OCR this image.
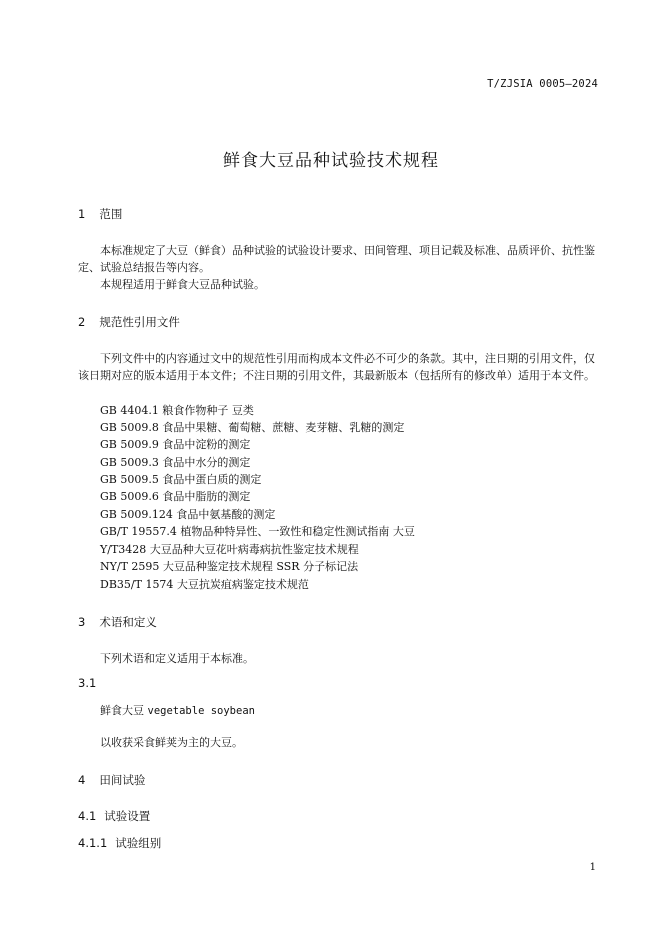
T/ZJSIA 0005—2024
鲜食大豆品种试验技术规程
1 范围
本标准规定了大豆（鲜食）品种试验的试验设计要求、田间管理、项目记载及标准、品质评价、抗性鉴定、试验总结报告等内容。
本规程适用于鲜食大豆品种试验。
2 规范性引用文件
下列文件中的内容通过文中的规范性引用而构成本文件必不可少的条款。其中，注日期的引用文件，仅该日期对应的版本适用于本文件；不注日期的引用文件，其最新版本（包括所有的修改单）适用于本文件。
GB 4404.1 粮食作物种子 豆类
GB 5009.8 食品中果糖、葡萄糖、蔗糖、麦芽糖、乳糖的测定
GB 5009.9 食品中淀粉的测定
GB 5009.3 食品中水分的测定
GB 5009.5 食品中蛋白质的测定
GB 5009.6 食品中脂肪的测定
GB 5009.124 食品中氨基酸的测定
GB/T 19557.4 植物品种特异性、一致性和稳定性测试指南 大豆
Y/T3428 大豆品种大豆花叶病毒病抗性鉴定技术规程
NY/T 2595 大豆品种鉴定技术规程 SSR 分子标记法
DB35/T 1574 大豆抗炭疽病鉴定技术规范
3 术语和定义
下列术语和定义适用于本标准。
3.1
鲜食大豆 vegetable soybean
以收获采食鲜荚为主的大豆。
4 田间试验
4.1 试验设置
4.1.1 试验组别
1
